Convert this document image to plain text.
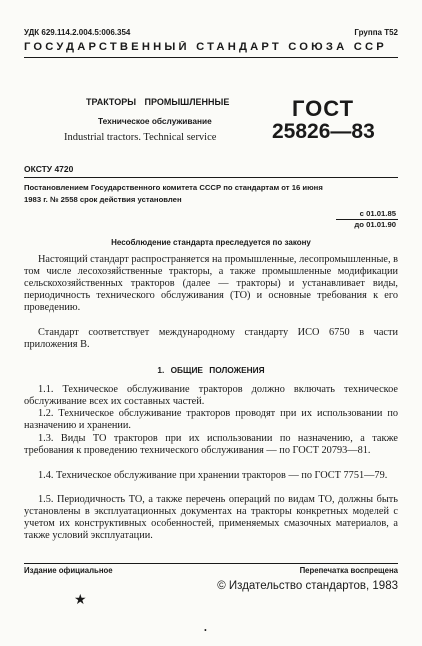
УДК 629.114.2.004.5:006.354	Группа Т52
ГОСУДАРСТВЕННЫЙ СТАНДАРТ СОЮЗА ССР
ТРАКТОРЫ ПРОМЫШЛЕННЫЕ
Техническое обслуживание
Industrial tractors. Technical service
ГОСТ
25826—83
ОКСТУ 4720
Постановлением Государственного комитета СССР по стандартам от 16 июня
1983 г. № 2558 срок действия установлен
с 01.01.85
до 01.01.90
Несоблюдение стандарта преследуется по закону
Настоящий стандарт распространяется на промышленные, лесопромышленные, в том числе лесохозяйственные тракторы, а также промышленные модификации сельскохозяйственных тракторов (далее — тракторы) и устанавливает виды, периодичность технического обслуживания (ТО) и основные требования к его проведению.
Стандарт соответствует международному стандарту ИСО 6750 в части приложения В.
1. ОБЩИЕ ПОЛОЖЕНИЯ
1.1. Техническое обслуживание тракторов должно включать техническое обслуживание всех их составных частей.
1.2. Техническое обслуживание тракторов проводят при их использовании по назначению и хранении.
1.3. Виды ТО тракторов при их использовании по назначению, а также требования к проведению технического обслуживания — по ГОСТ 20793—81.
1.4. Техническое обслуживание при хранении тракторов — по ГОСТ 7751—79.
1.5. Периодичность ТО, а также перечень операций по видам ТО, должны быть установлены в эксплуатационных документах на тракторы конкретных моделей с учетом их конструктивных особенностей, применяемых смазочных материалов, а также условий эксплуатации.
Издание официальное	Перепечатка воспрещена
© Издательство стандартов, 1983
★
•
